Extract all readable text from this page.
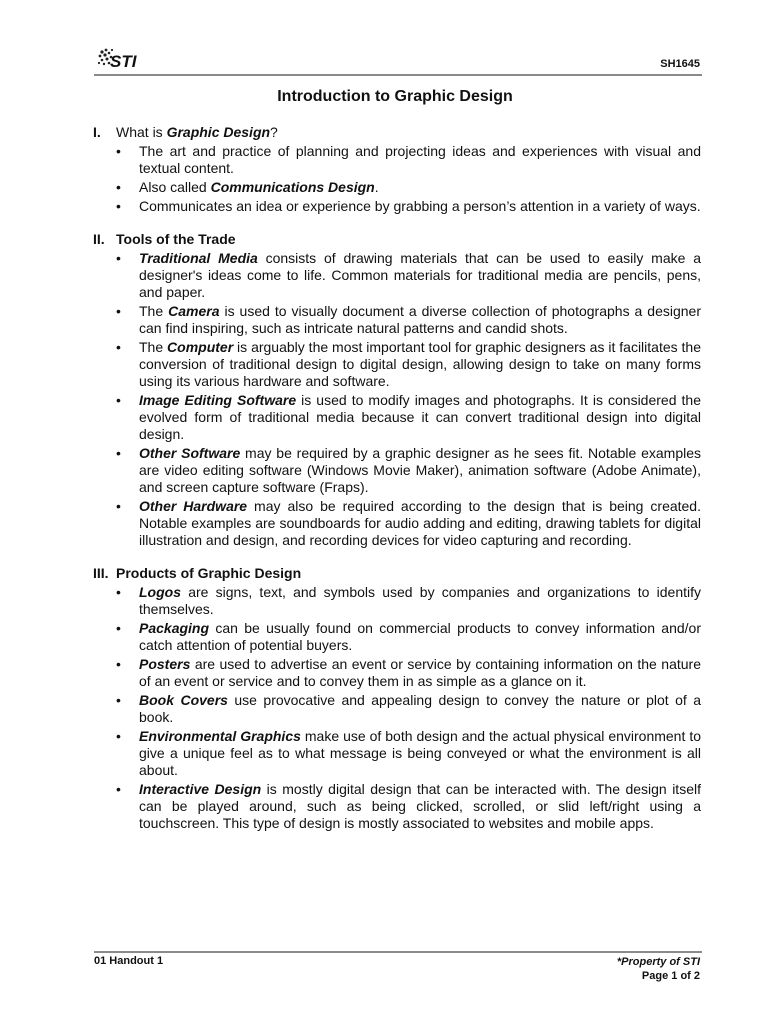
STI	SH1645
Introduction to Graphic Design
I.	What is Graphic Design?
•	The art and practice of planning and projecting ideas and experiences with visual and textual content.
•	Also called Communications Design.
•	Communicates an idea or experience by grabbing a person’s attention in a variety of ways.
II. Tools of the Trade
•	Traditional Media consists of drawing materials that can be used to easily make a designer's ideas come to life. Common materials for traditional media are pencils, pens, and paper.
•	The Camera is used to visually document a diverse collection of photographs a designer can find inspiring, such as intricate natural patterns and candid shots.
•	The Computer is arguably the most important tool for graphic designers as it facilitates the conversion of traditional design to digital design, allowing design to take on many forms using its various hardware and software.
•	Image Editing Software is used to modify images and photographs. It is considered the evolved form of traditional media because it can convert traditional design into digital design.
•	Other Software may be required by a graphic designer as he sees fit. Notable examples are video editing software (Windows Movie Maker), animation software (Adobe Animate), and screen capture software (Fraps).
•	Other Hardware may also be required according to the design that is being created. Notable examples are soundboards for audio adding and editing, drawing tablets for digital illustration and design, and recording devices for video capturing and recording.
III. Products of Graphic Design
•	Logos are signs, text, and symbols used by companies and organizations to identify themselves.
•	Packaging can be usually found on commercial products to convey information and/or catch attention of potential buyers.
•	Posters are used to advertise an event or service by containing information on the nature of an event or service and to convey them in as simple as a glance on it.
•	Book Covers use provocative and appealing design to convey the nature or plot of a book.
•	Environmental Graphics make use of both design and the actual physical environment to give a unique feel as to what message is being conveyed or what the environment is all about.
•	Interactive Design is mostly digital design that can be interacted with. The design itself can be played around, such as being clicked, scrolled, or slid left/right using a touchscreen. This type of design is mostly associated to websites and mobile apps.
01 Handout 1	*Property of STI
Page 1 of 2
